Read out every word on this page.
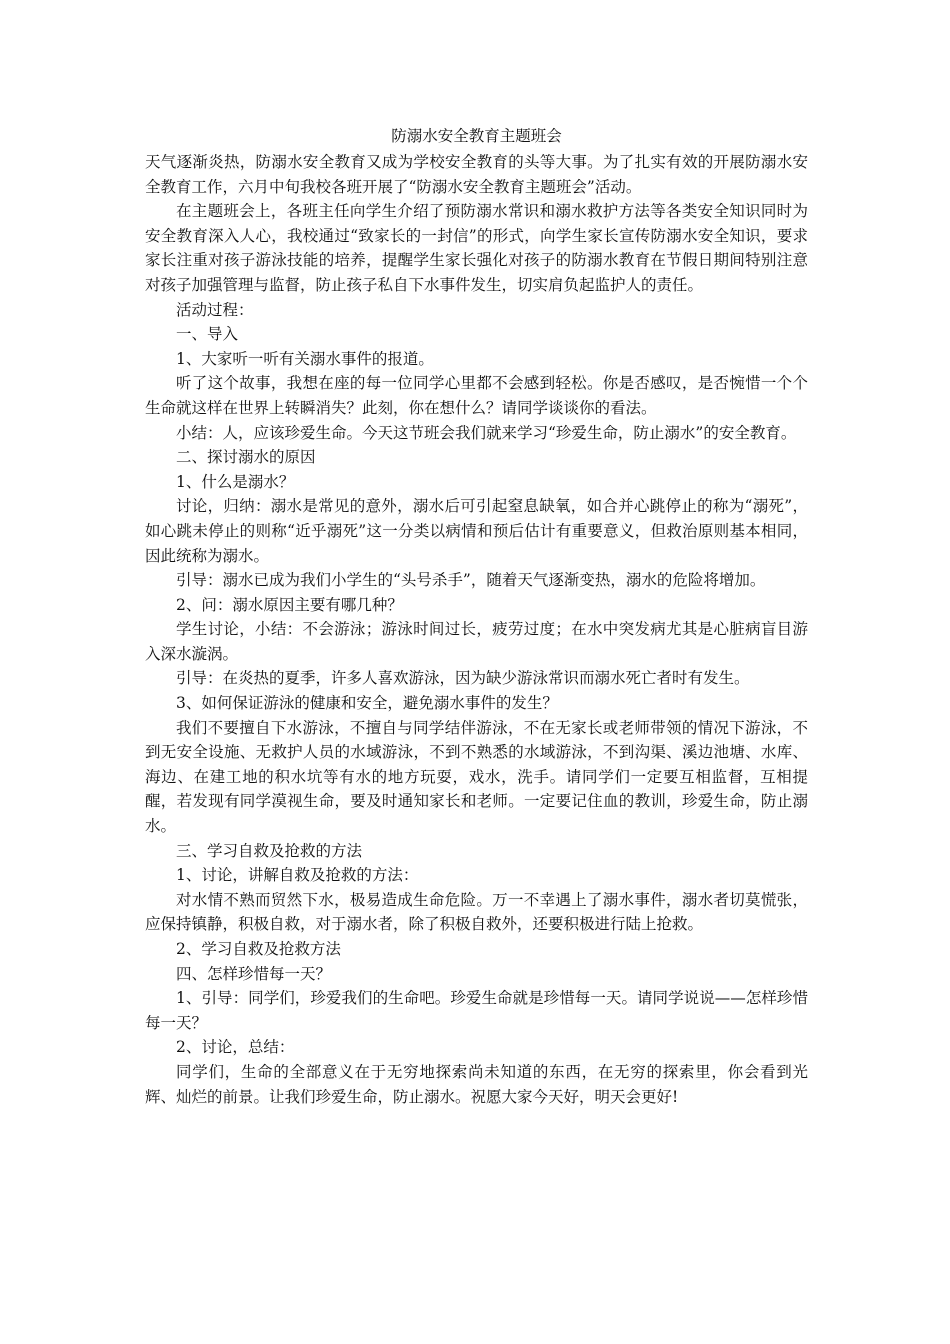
防溺水安全教育主题班会

天气逐渐炎热，防溺水安全教育又成为学校安全教育的头等大事。为了扎实有效的开展防溺水安全教育工作，六月中旬我校各班开展了“防溺水安全教育主题班会”活动。

在主题班会上，各班主任向学生介绍了预防溺水常识和溺水救护方法等各类安全知识同时为安全教育深入人心，我校通过“致家长的一封信”的形式，向学生家长宣传防溺水安全知识，要求家长注重对孩子游泳技能的培养，提醒学生家长强化对孩子的防溺水教育在节假日期间特别注意对孩子加强管理与监督，防止孩子私自下水事件发生，切实肩负起监护人的责任。

活动过程：

一、导入

1、大家听一听有关溺水事件的报道。

听了这个故事，我想在座的每一位同学心里都不会感到轻松。你是否感叹，是否惋惜一个个生命就这样在世界上转瞬消失？此刻，你在想什么？请同学谈谈你的看法。

小结：人，应该珍爱生命。今天这节班会我们就来学习“珍爱生命，防止溺水”的安全教育。

二、探讨溺水的原因

1、什么是溺水？

讨论，归纳：溺水是常见的意外，溺水后可引起窒息缺氧，如合并心跳停止的称为“溺死”，如心跳未停止的则称“近乎溺死”这一分类以病情和预后估计有重要意义，但救治原则基本相同，因此统称为溺水。

引导：溺水已成为我们小学生的“头号杀手”，随着天气逐渐变热，溺水的危险将增加。

2、问：溺水原因主要有哪几种？

学生讨论，小结：不会游泳；游泳时间过长，疲劳过度；在水中突发病尤其是心脏病盲目游入深水漩涡。

引导：在炎热的夏季，许多人喜欢游泳，因为缺少游泳常识而溺水死亡者时有发生。

3、如何保证游泳的健康和安全，避免溺水事件的发生？

我们不要擅自下水游泳，不擅自与同学结伴游泳，不在无家长或老师带领的情况下游泳，不到无安全设施、无救护人员的水域游泳，不到不熟悉的水域游泳，不到沟渠、溪边池塘、水库、海边、在建工地的积水坑等有水的地方玩耍，戏水，洗手。请同学们一定要互相监督，互相提醒，若发现有同学漠视生命，要及时通知家长和老师。一定要记住血的教训，珍爱生命，防止溺水。

三、学习自救及抢救的方法

1、讨论，讲解自救及抢救的方法：

对水情不熟而贸然下水，极易造成生命危险。万一不幸遇上了溺水事件，溺水者切莫慌张，应保持镇静，积极自救，对于溺水者，除了积极自救外，还要积极进行陆上抢救。

2、学习自救及抢救方法

四、怎样珍惜每一天？

1、引导：同学们，珍爱我们的生命吧。珍爱生命就是珍惜每一天。请同学说说——怎样珍惜每一天？

2、讨论，总结：

同学们，生命的全部意义在于无穷地探索尚未知道的东西，在无穷的探索里，你会看到光辉、灿烂的前景。让我们珍爱生命，防止溺水。祝愿大家今天好，明天会更好!
